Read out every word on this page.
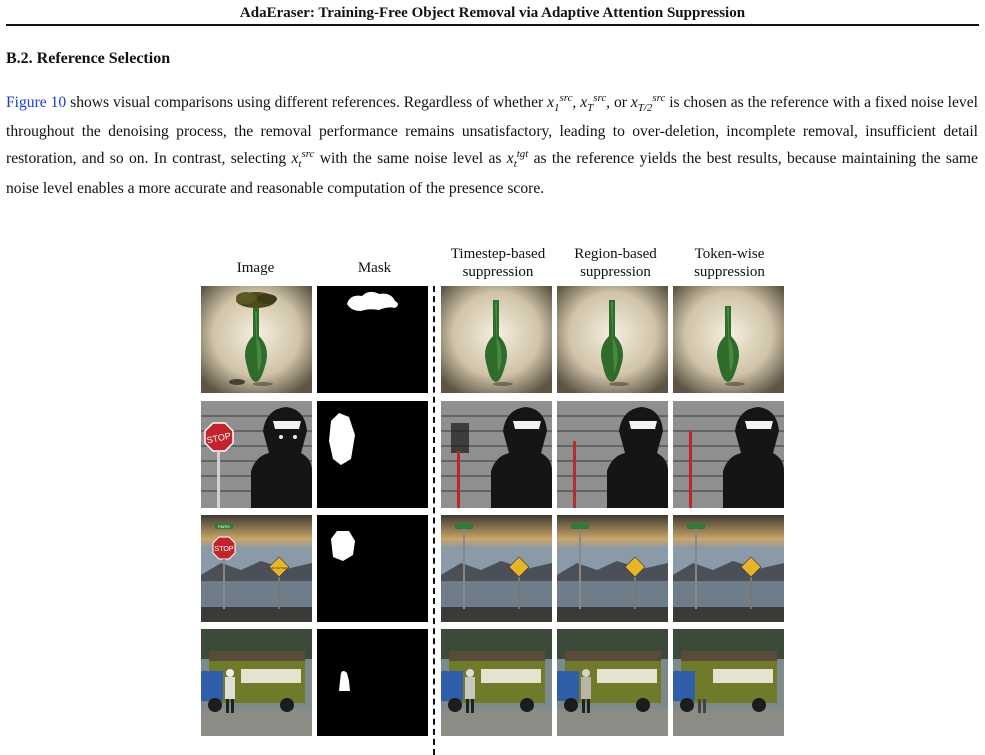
AdaEraser: Training-Free Object Removal via Adaptive Attention Suppression
B.2. Reference Selection
Figure 10 shows visual comparisons using different references. Regardless of whether $x_1^{src}$, $x_T^{src}$, or $x_{T/2}^{src}$ is chosen as the reference with a fixed noise level throughout the denoising process, the removal performance remains unsatisfactory, leading to over-deletion, incomplete removal, insufficient detail restoration, and so on. In contrast, selecting $x_t^{src}$ with the same noise level as $x_t^{tgt}$ as the reference yields the best results, because maintaining the same noise level enables a more accurate and reasonable computation of the presence score.
Image	Mask
Timestep-based
suppression
Region-based
suppression
Token-wise
suppression
STOP
PARIS
STOP
NO OUTLET
